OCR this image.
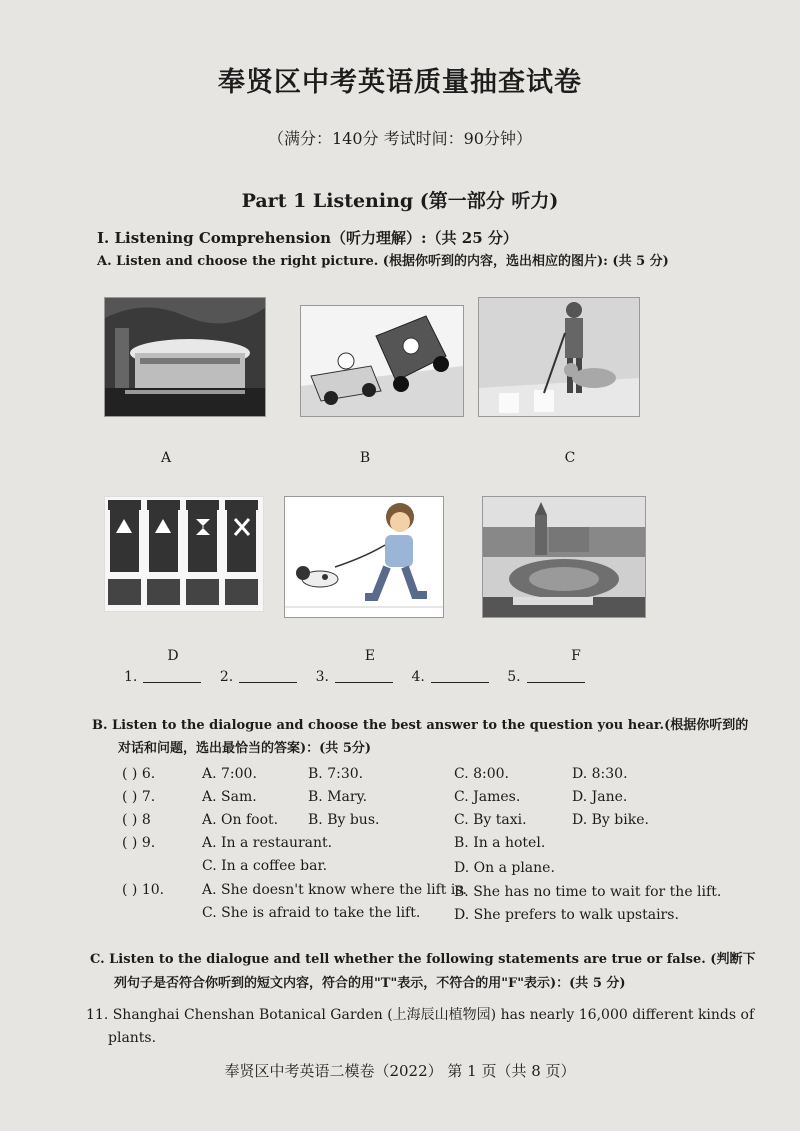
奉贤区中考英语质量抽查试卷
（满分：140分 考试时间：90分钟）
Part 1 Listening (第一部分 听力)
I. Listening Comprehension（听力理解）:（共 25 分）
A. Listen and choose the right picture. (根据你听到的内容，选出相应的图片): (共 5 分)
A	B	C
D	E	F
1.	2.	3.	4.	5.
B. Listen to the dialogue and choose the best answer to the question you hear.(根据你听到的
对话和问题，选出最恰当的答案)：(共 5分)
( ) 6.	A. 7:00.	B. 7:30.	C. 8:00.	D. 8:30.
( ) 7.	A. Sam.	B. Mary.	C. James.	D. Jane.
( ) 8	A. On foot. B. By bus.	C. By taxi.	D. By bike.
( ) 9.	A. In a restaurant.	B. In a hotel.
C. In a coffee bar.	D. On a plane.
( ) 10.	A. She doesn't know where the lift is.
B. She has no time to wait for the lift.
C. She is afraid to take the lift. D. She prefers to walk upstairs.
C. Listen to the dialogue and tell whether the following statements are true or false. (判断下
列句子是否符合你听到的短文内容，符合的用"T"表示，不符合的用"F"表示)：(共 5 分)
11. Shanghai Chenshan Botanical Garden (上海辰山植物园) has nearly 16,000 different kinds of
plants.
奉贤区中考英语二模卷（2022） 第 1 页（共 8 页）
